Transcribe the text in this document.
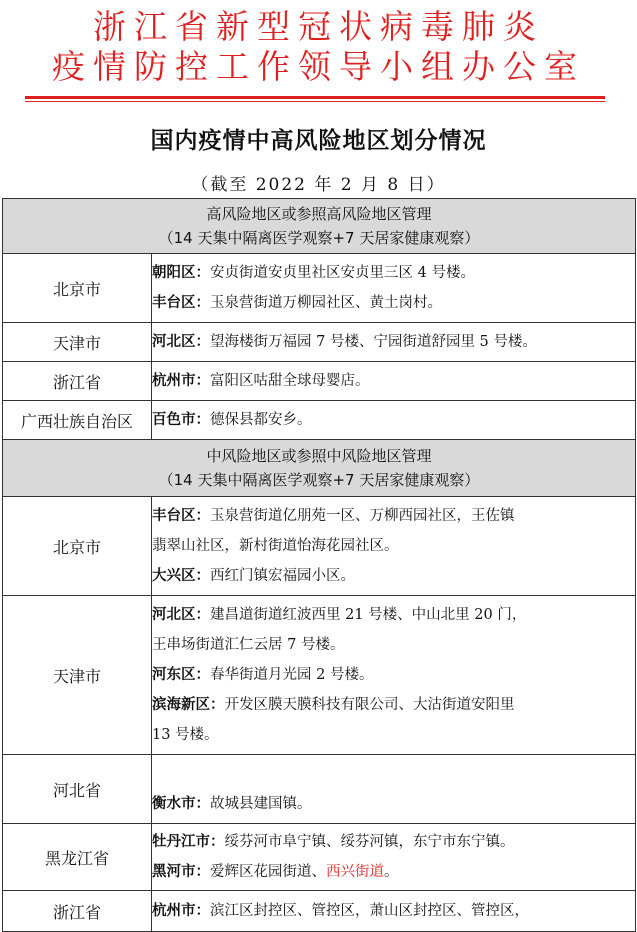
浙江省新型冠状病毒肺炎
疫情防控工作领导小组办公室
国内疫情中高风险地区划分情况
（截至 2022 年 2 月 8 日）
高风险地区或参照高风险地区管理
（14 天集中隔离医学观察+7 天居家健康观察）	

北京市	朝阳区：安贞街道安贞里社区安贞里三区 4 号楼。
丰台区：玉泉营街道万柳园社区、黄土岗村。

天津市	河北区：望海楼街万福园 7 号楼、宁园街道舒园里 5 号楼。

浙江省	杭州市：富阳区咕甜全球母婴店。

广西壮族自治区	百色市：德保县都安乡。

中风险地区或参照中风险地区管理
（14 天集中隔离医学观察+7 天居家健康观察）	

北京市	丰台区：玉泉营街道亿朋苑一区、万柳西园社区，王佐镇
翡翠山社区，新村街道怡海花园社区。
大兴区：西红门镇宏福园小区。

天津市	河北区：建昌道街道红波西里 21 号楼、中山北里 20 门，
王串场街道汇仁云居 7 号楼。
河东区：春华街道月光园 2 号楼。
滨海新区：开发区膜天膜科技有限公司、大沽街道安阳里
13 号楼。

河北省	衡水市：故城县建国镇。

黑龙江省	牡丹江市：绥芬河市阜宁镇、绥芬河镇，东宁市东宁镇。
黑河市：爱辉区花园街道、西兴街道。

浙江省	杭州市：滨江区封控区、管控区，萧山区封控区、管控区，
